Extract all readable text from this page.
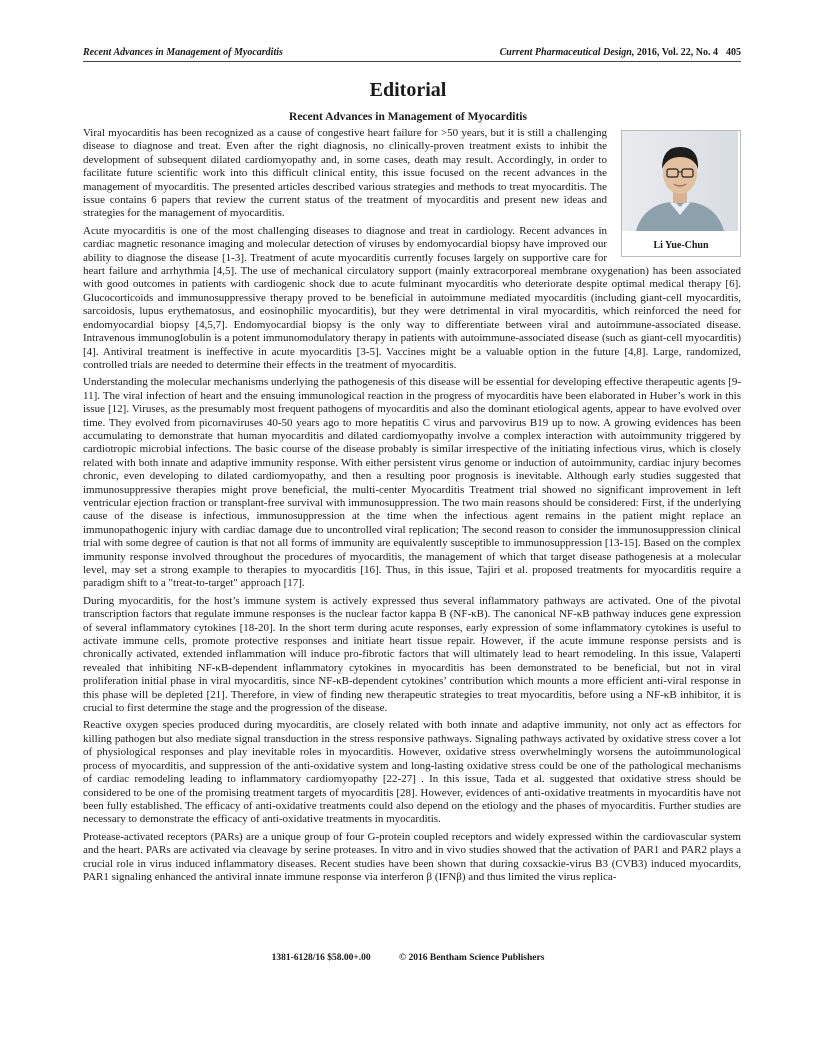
Recent Advances in Management of Myocarditis	Current Pharmaceutical Design, 2016, Vol. 22, No. 4 405
Editorial
Recent Advances in Management of Myocarditis
Li Yue-Chun

Viral myocarditis has been recognized as a cause of congestive heart failure for >50 years, but it is still a challenging disease to diagnose and treat. Even after the right diagnosis, no clinically-proven treatment exists to inhibit the development of subsequent dilated cardiomyopathy and, in some cases, death may result. Accordingly, in order to facilitate future scientific work into this difficult clinical entity, this issue focused on the recent advances in the management of myocarditis. The presented articles described various strategies and methods to treat myocarditis. The issue contains 6 papers that review the current status of the treatment of myocarditis and present new ideas and strategies for the management of myocarditis.

Acute myocarditis is one of the most challenging diseases to diagnose and treat in cardiology. Recent advances in cardiac magnetic resonance imaging and molecular detection of viruses by endomyocardial biopsy have improved our ability to diagnose the disease [1-3]. Treatment of acute myocarditis currently focuses largely on supportive care for heart failure and arrhythmia [4,5]. The use of mechanical circulatory support (mainly extracorporeal membrane oxygenation) has been associated with good outcomes in patients with cardiogenic shock due to acute fulminant myocarditis who deteriorate despite optimal medical therapy [6]. Glucocorticoids and immunosuppressive therapy proved to be beneficial in autoimmune mediated myocarditis (including giant-cell myocarditis, sarcoidosis, lupus erythematosus, and eosinophilic myocarditis), but they were detrimental in viral myocarditis, which reinforced the need for endomyocardial biopsy [4,5,7]. Endomyocardial biopsy is the only way to differentiate between viral and autoimmune-associated disease. Intravenous immunoglobulin is a potent immunomodulatory therapy in patients with autoimmune-associated disease (such as giant-cell myocarditis) [4]. Antiviral treatment is ineffective in acute myocarditis [3-5]. Vaccines might be a valuable option in the future [4,8]. Large, randomized, controlled trials are needed to determine their effects in the treatment of myocarditis.

Understanding the molecular mechanisms underlying the pathogenesis of this disease will be essential for developing effective therapeutic agents [9-11]. The viral infection of heart and the ensuing immunological reaction in the progress of myocarditis have been elaborated in Huber’s work in this issue [12]. Viruses, as the presumably most frequent pathogens of myocarditis and also the dominant etiological agents, appear to have evolved over time. They evolved from picornaviruses 40-50 years ago to more hepatitis C virus and parvovirus B19 up to now. A growing evidences has been accumulating to demonstrate that human myocarditis and dilated cardiomyopathy involve a complex interaction with autoimmunity triggered by cardiotropic microbial infections. The basic course of the disease probably is similar irrespective of the initiating infectious virus, which is closely related with both innate and adaptive immunity response. With either persistent virus genome or induction of autoimmunity, cardiac injury becomes chronic, even developing to dilated cardiomyopathy, and then a resulting poor prognosis is inevitable. Although early studies suggested that immunosuppressive therapies might prove beneficial, the multi-center Myocarditis Treatment trial showed no significant improvement in left ventricular ejection fraction or transplant-free survival with immunosuppression. The two main reasons should be considered: First, if the underlying cause of the disease is infectious, immunosuppression at the time when the infectious agent remains in the patient might replace an immunopathogenic injury with cardiac damage due to uncontrolled viral replication; The second reason to consider the immunosuppression clinical trial with some degree of caution is that not all forms of immunity are equivalently susceptible to immunosuppression [13-15]. Based on the complex immunity response involved throughout the procedures of myocarditis, the management of which that target disease pathogenesis at a molecular level, may set a strong example to therapies to myocarditis [16]. Thus, in this issue, Tajiri et al. proposed treatments for myocarditis require a paradigm shift to a "treat-to-target" approach [17].

During myocarditis, for the host’s immune system is actively expressed thus several inflammatory pathways are activated. One of the pivotal transcription factors that regulate immune responses is the nuclear factor kappa B (NF-κB). The canonical NF-κB pathway induces gene expression of several inflammatory cytokines [18-20]. In the short term during acute responses, early expression of some inflammatory cytokines is useful to activate immune cells, promote protective responses and initiate heart tissue repair. However, if the acute immune response persists and is chronically activated, extended inflammation will induce pro-fibrotic factors that will ultimately lead to heart remodeling. In this issue, Valaperti revealed that inhibiting NF-κB-dependent inflammatory cytokines in myocarditis has been demonstrated to be beneficial, but not in viral proliferation initial phase in viral myocarditis, since NF-κB-dependent cytokines’ contribution which mounts a more efficient anti-viral response in this phase will be depleted [21]. Therefore, in view of finding new therapeutic strategies to treat myocarditis, before using a NF-κB inhibitor, it is crucial to first determine the stage and the progression of the disease.

Reactive oxygen species produced during myocarditis, are closely related with both innate and adaptive immunity, not only act as effectors for killing pathogen but also mediate signal transduction in the stress responsive pathways. Signaling pathways activated by oxidative stress cover a lot of physiological responses and play inevitable roles in myocarditis. However, oxidative stress overwhelmingly worsens the autoimmunological process of myocarditis, and suppression of the anti-oxidative system and long-lasting oxidative stress could be one of the pathological mechanisms of cardiac remodeling leading to inflammatory cardiomyopathy [22-27] . In this issue, Tada et al. suggested that oxidative stress should be considered to be one of the promising treatment targets of myocarditis [28]. However, evidences of anti-oxidative treatments in myocarditis have not been fully established. The efficacy of anti-oxidative treatments could also depend on the etiology and the phases of myocarditis. Further studies are necessary to demonstrate the efficacy of anti-oxidative treatments in myocarditis.

Protease-activated receptors (PARs) are a unique group of four G-protein coupled receptors and widely expressed within the cardiovascular system and the heart. PARs are activated via cleavage by serine proteases. In vitro and in vivo studies showed that the activation of PAR1 and PAR2 plays a crucial role in virus induced inflammatory diseases. Recent studies have been shown that during coxsackie-virus B3 (CVB3) induced myocardits, PAR1 signaling enhanced the antiviral innate immune response via interferon β (IFNβ) and thus limited the virus replica-

1381-6128/16 $58.00+.00	© 2016 Bentham Science Publishers
